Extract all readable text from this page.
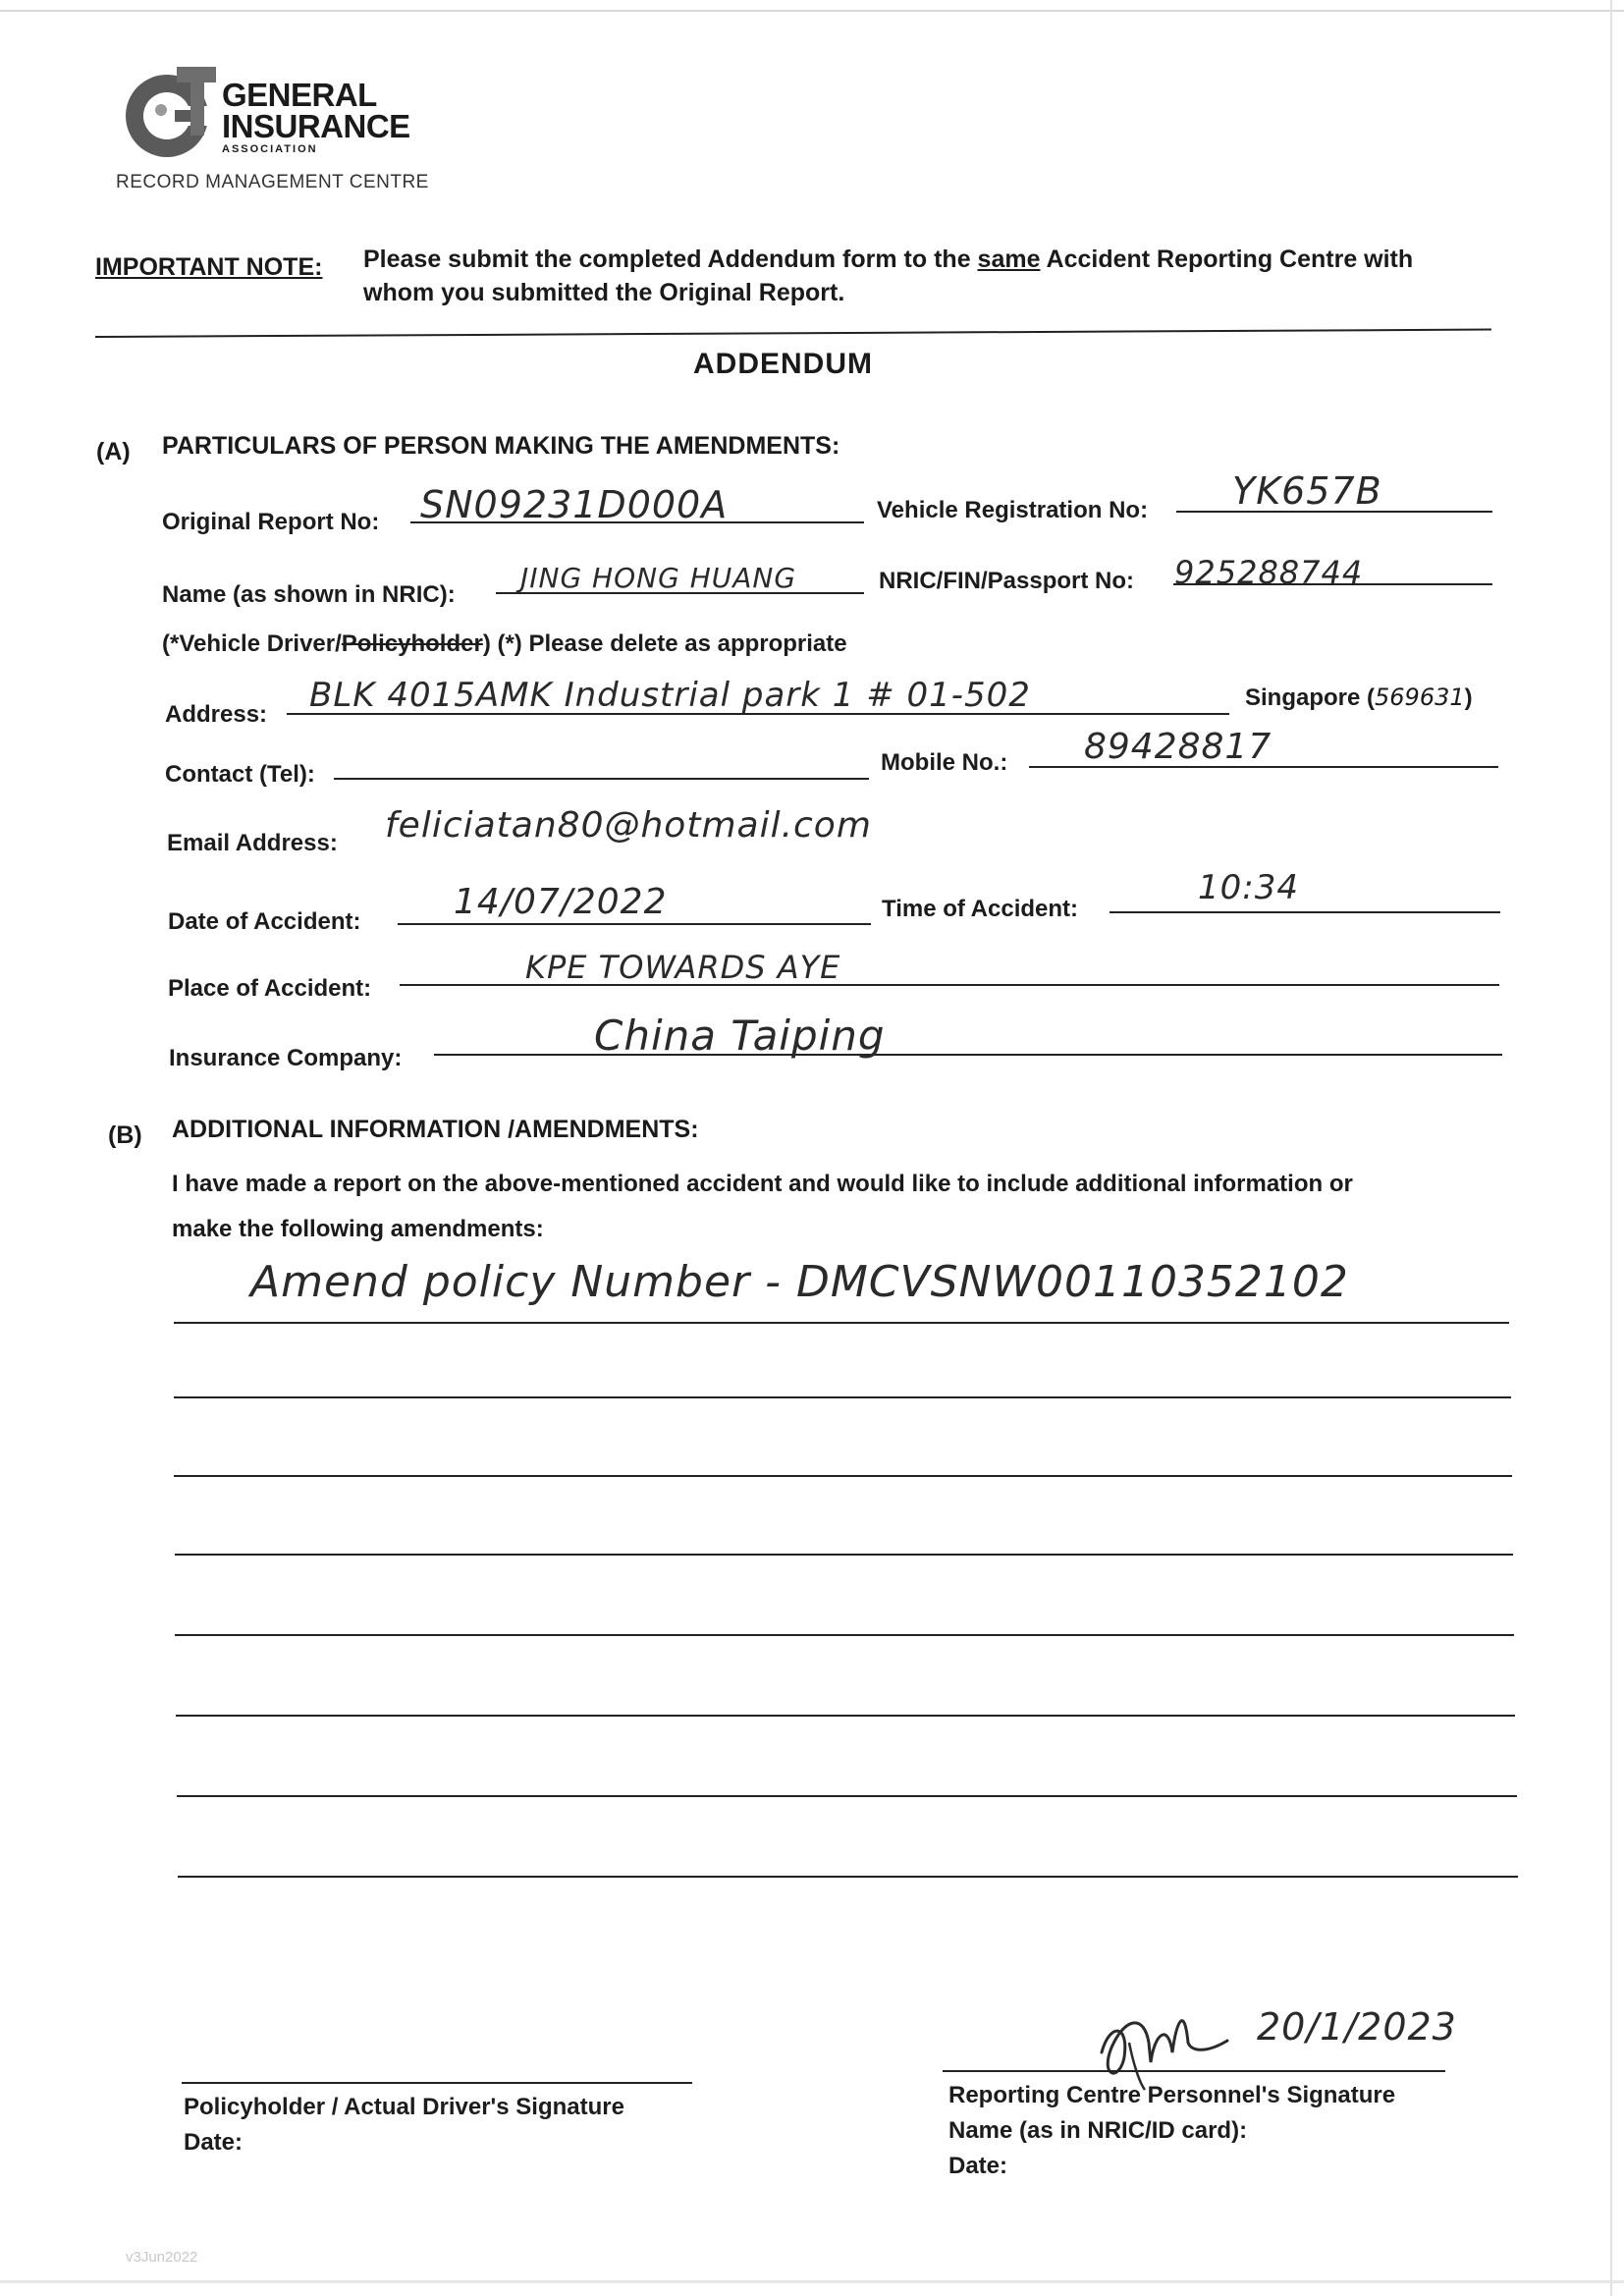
GENERAL
INSURANCE
ASSOCIATION
RECORD MANAGEMENT CENTRE
IMPORTANT NOTE: Please submit the completed Addendum form to the same Accident Reporting Centre with
whom you submitted the Original Report.
ADDENDUM
(A) PARTICULARS OF PERSON MAKING THE AMENDMENTS:
Original Report No: SN09231D000A	Vehicle Registration No: YK657B
Name (as shown in NRIC):
JING HONG HUANG	NRIC/FIN/Passport No: 925288744
(*Vehicle Driver/Policyholder) (*) Please delete as appropriate
Address: BLK 4015AMK Industrial park 1 # 01-502	Singapore (569631)
Contact (Tel):	Mobile No.: 89428817
Email Address: feliciatan80@hotmail.com
Date of Accident:	14/07/2022	Time of Accident:
10:34
Place of Accident:
KPE TOWARDS AYE
Insurance Company:	China Taiping
(B) ADDITIONAL INFORMATION /AMENDMENTS:
I have made a report on the above-mentioned accident and would like to include additional information or
make the following amendments:
Amend policy Number - DMCVSNW00110352102
Policyholder / Actual Driver's Signature
Date:
20/1/2023
Reporting Centre Personnel's Signature
Name (as in NRIC/ID card):
Date:
v3Jun2022
